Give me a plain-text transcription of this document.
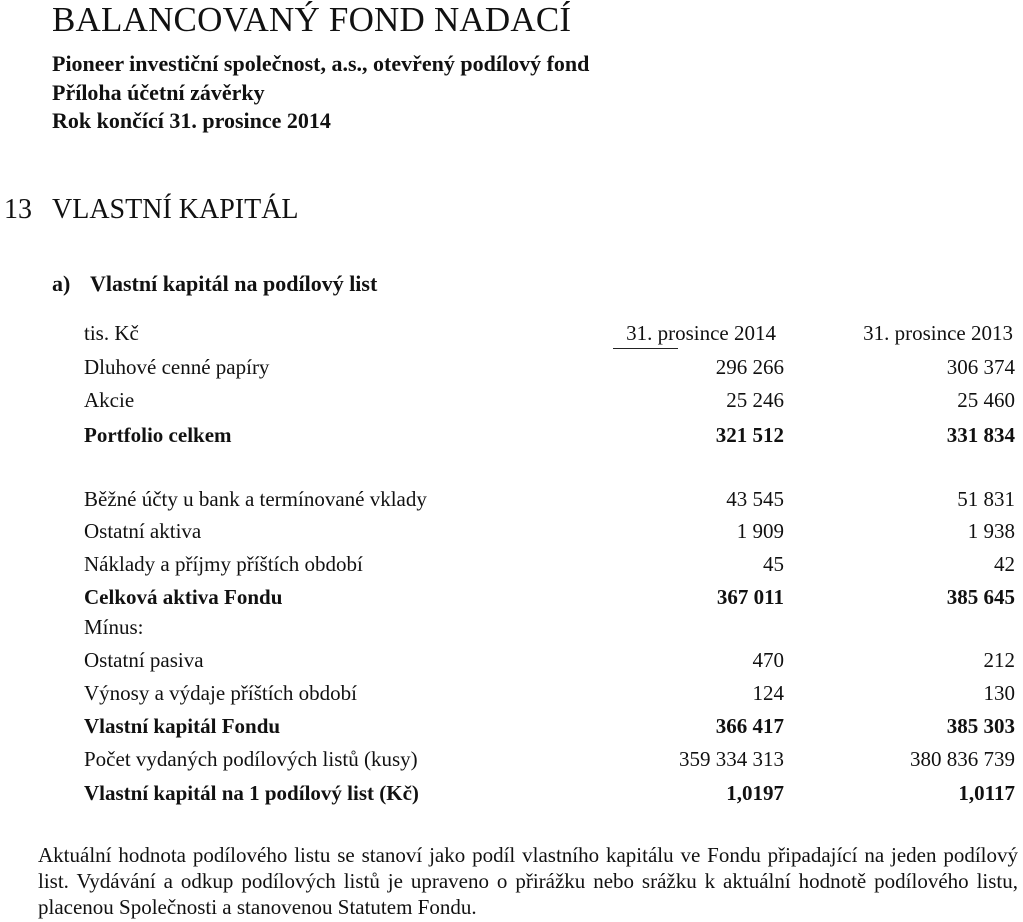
BALANCOVANÝ FOND NADACÍ
Pioneer investiční společnost, a.s., otevřený podílový fond
Příloha účetní závěrky
Rok končící 31. prosince 2014
13 VLASTNÍ KAPITÁL
a) Vlastní kapitál na podílový list
tis. Kč	31. prosince 2014	31. prosince 2013
Dluhové cenné papíry	296 266	306 374
Akcie	25 246	25 460
Portfolio celkem	321 512	331 834
Běžné účty u bank a termínované vklady	43 545	51 831
Ostatní aktiva	1 909	1 938
Náklady a příjmy příštích období	45	42
Celková aktiva Fondu	367 011	385 645
Mínus:
Ostatní pasiva	470	212
Výnosy a výdaje příštích období	124	130
Vlastní kapitál Fondu	366 417	385 303
Počet vydaných podílových listů (kusy)	359 334 313	380 836 739
Vlastní kapitál na 1 podílový list (Kč)	1,0197	1,0117

Aktuální hodnota podílového listu se stanoví jako podíl vlastního kapitálu ve Fondu připadající na jeden podílový list. Vydávání a odkup podílových listů je upraveno o přirážku nebo srážku k aktuální hodnotě podílového listu, placenou Společnosti a stanovenou Statutem Fondu.
